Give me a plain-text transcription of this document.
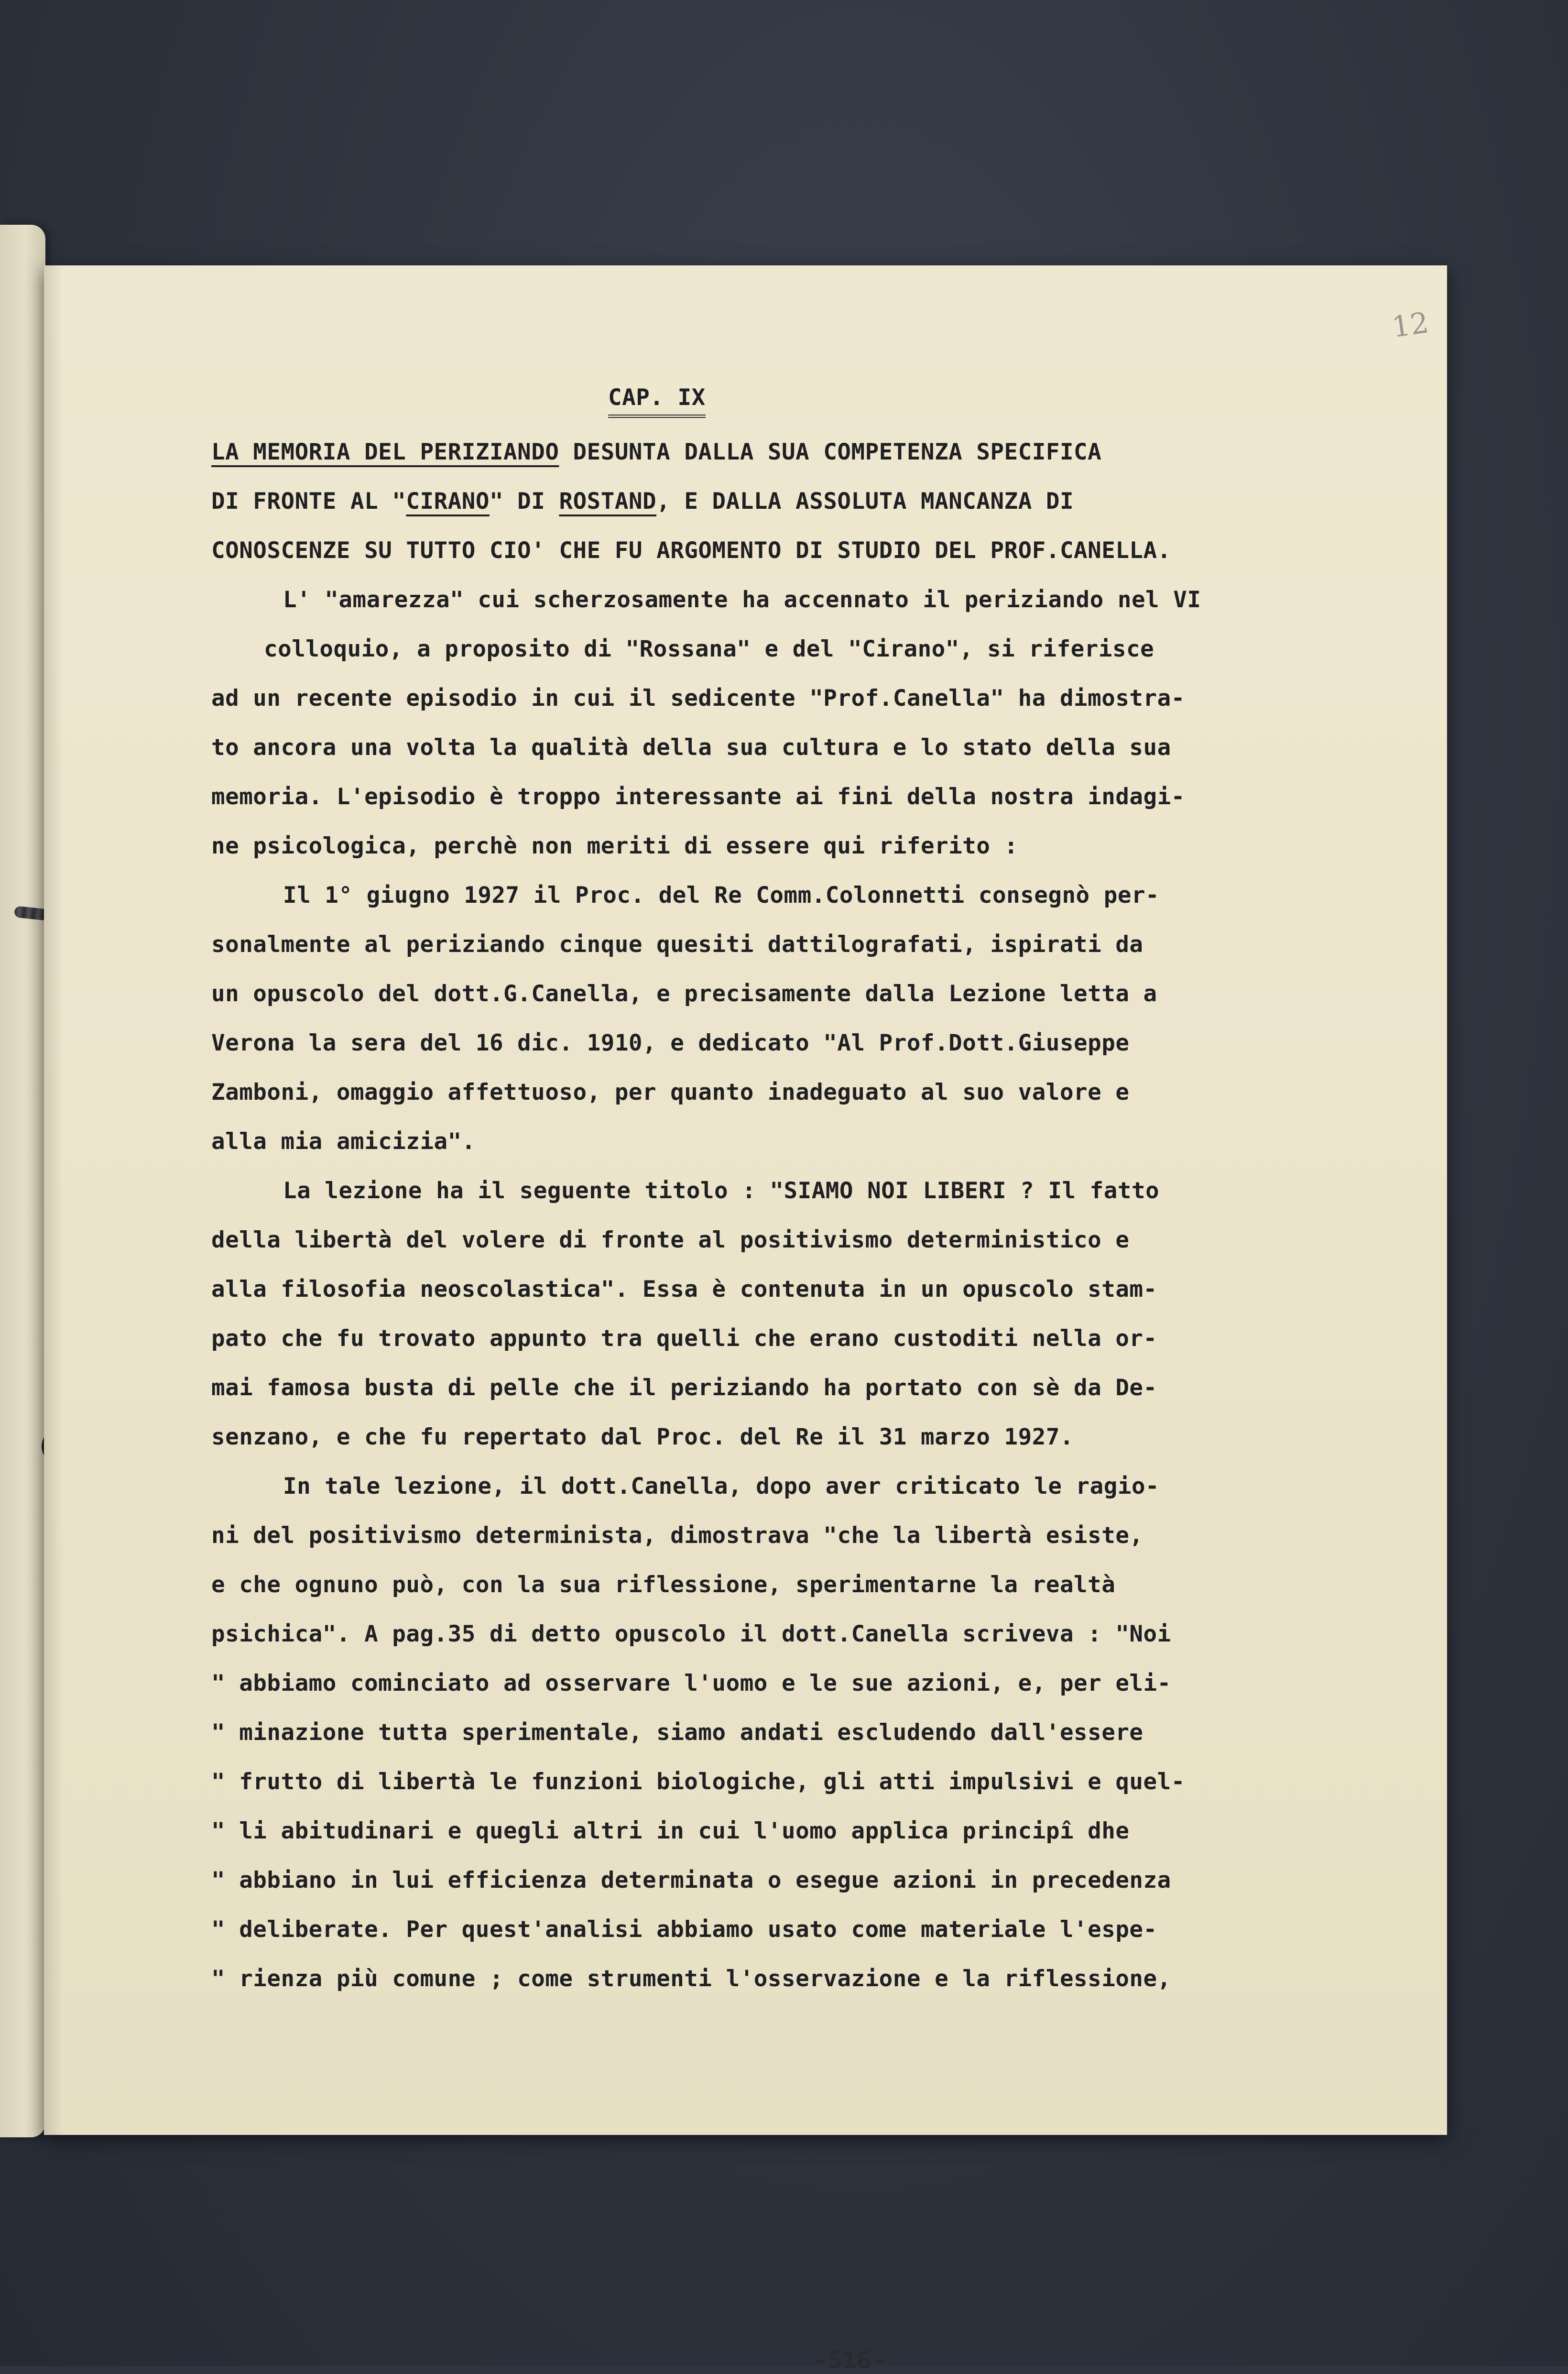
12
CAP. IX

LA MEMORIA DEL PERIZIANDO DESUNTA DALLA SUA COMPETENZA SPECIFICA

DI FRONTE AL "CIRANO" DI ROSTAND, E DALLA ASSOLUTA MANCANZA DI

CONOSCENZE SU TUTTO CIO' CHE FU ARGOMENTO DI STUDIO DEL PROF.CANELLA.

L' "amarezza" cui scherzosamente ha accennato il periziando nel VI

colloquio, a proposito di "Rossana" e del "Cirano", si riferisce

ad un recente episodio in cui il sedicente "Prof.Canella" ha dimostra-

to ancora una volta la qualità della sua cultura e lo stato della sua

memoria. L'episodio è troppo interessante ai fini della nostra indagi-

ne psicologica, perchè non meriti di essere qui riferito :

Il 1° giugno 1927 il Proc. del Re Comm.Colonnetti consegnò per-

sonalmente al periziando cinque quesiti dattilografati, ispirati da

un opuscolo del dott.G.Canella, e precisamente dalla Lezione letta a

Verona la sera del 16 dic. 1910, e dedicato "Al Prof.Dott.Giuseppe

Zamboni, omaggio affettuoso, per quanto inadeguato al suo valore e

alla mia amicizia".

La lezione ha il seguente titolo : "SIAMO NOI LIBERI ? Il fatto

della libertà del volere di fronte al positivismo deterministico e

alla filosofia neoscolastica". Essa è contenuta in un opuscolo stam-

pato che fu trovato appunto tra quelli che erano custoditi nella or-

mai famosa busta di pelle che il periziando ha portato con sè da De-

senzano, e che fu repertato dal Proc. del Re il 31 marzo 1927.

In tale lezione, il dott.Canella, dopo aver criticato le ragio-

ni del positivismo determinista, dimostrava "che la libertà esiste,

e che ognuno può, con la sua riflessione, sperimentarne la realtà

psichica". A pag.35 di detto opuscolo il dott.Canella scriveva : "Noi

" abbiamo cominciato ad osservare l'uomo e le sue azioni, e, per eli-

" minazione tutta sperimentale, siamo andati escludendo dall'essere

" frutto di libertà le funzioni biologiche, gli atti impulsivi e quel-

" li abitudinari e quegli altri in cui l'uomo applica principî dhe

" abbiano in lui efficienza determinata o esegue azioni in precedenza

" deliberate. Per quest'analisi abbiamo usato come materiale l'espe-

" rienza più comune ; come strumenti l'osservazione e la riflessione,

-516-
